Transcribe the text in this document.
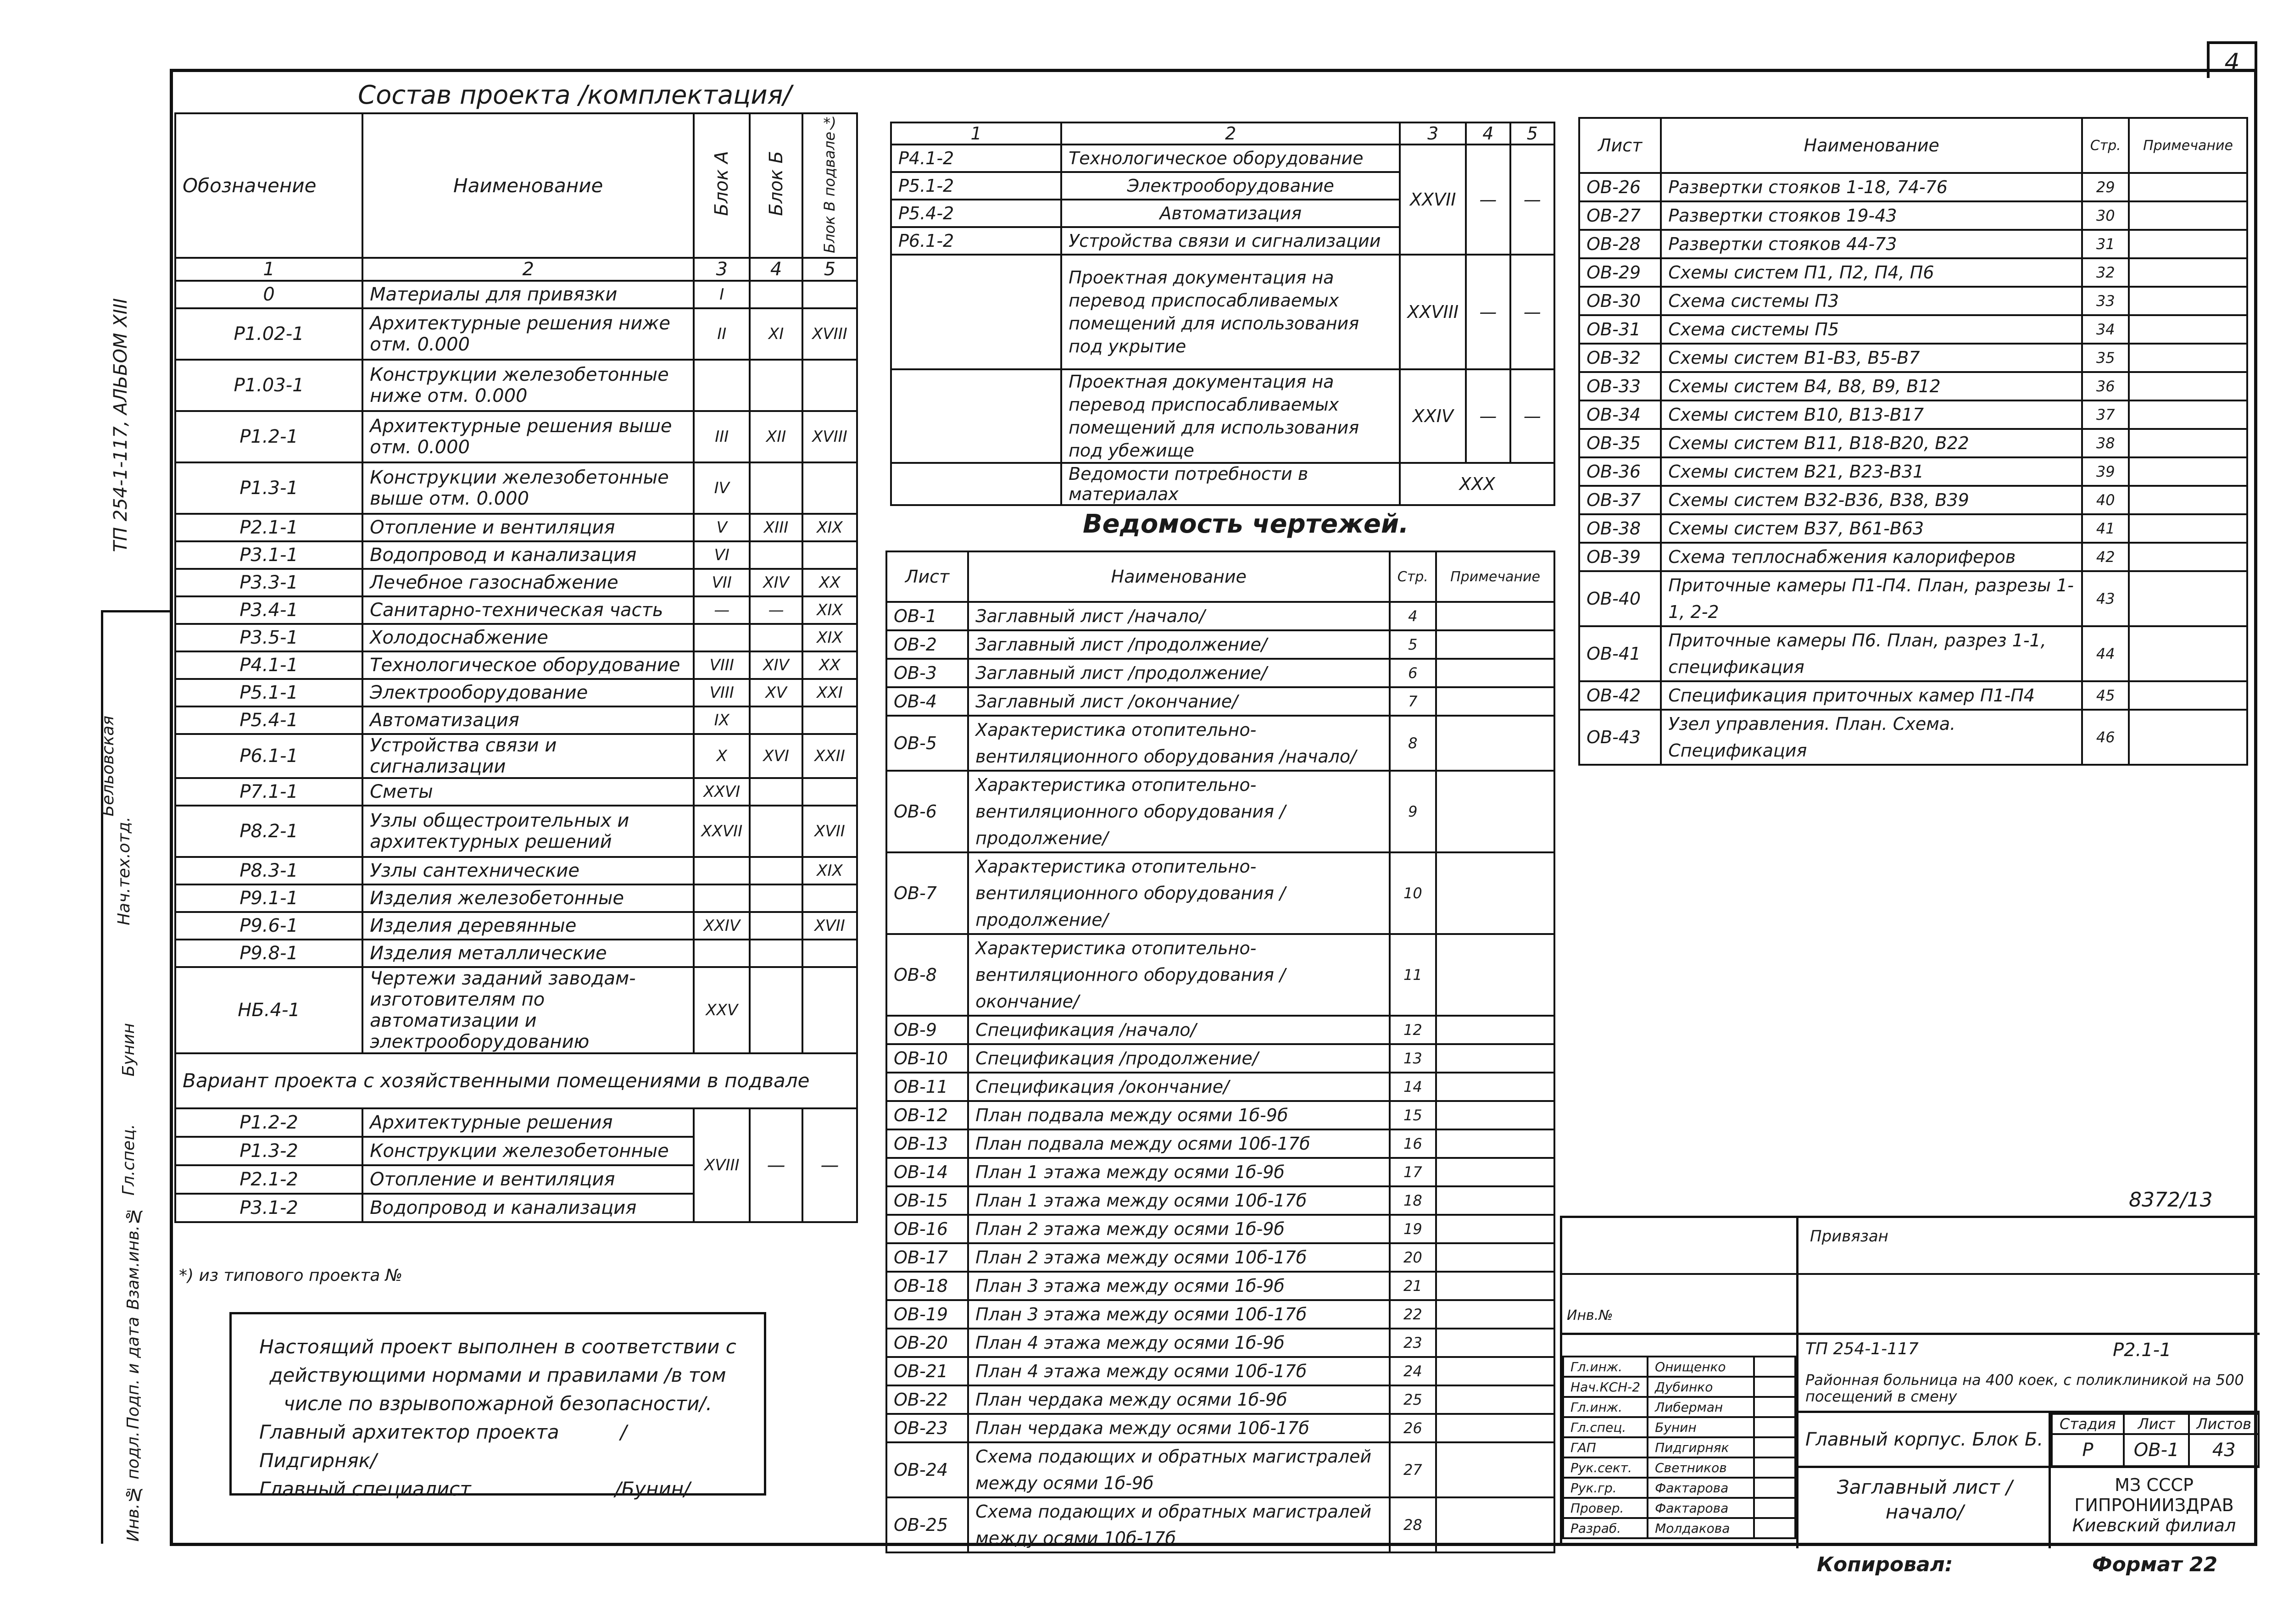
4
ТП 254-1-117, АЛЬБОМ XIII
Нач.тех.отд.
Бельовская
Бунин
Гл.спец.
Взам.инв.№
Подп. и дата
Инв.№ подл.
Состав проекта /комплектация/
Обозначение	Наименование	Блок А	Блок Б	*)
Блок В подвале
1	2	3	4	5
0	Материалы для привязки	I		
Р1.02-1	Архитектурные решения ниже отм. 0.000	II	XI	XVIII
Р1.03-1	Конструкции железобетонные ниже отм. 0.000			
Р1.2-1	Архитектурные решения выше отм. 0.000	III	XII	XVIII
Р1.3-1	Конструкции железобетонные выше отм. 0.000	IV		
Р2.1-1	Отопление и вентиляция	V	XIII	XIX
Р3.1-1	Водопровод и канализация	VI		
Р3.3-1	Лечебное газоснабжение	VII	XIV	XX
Р3.4-1	Санитарно-техническая часть	—	—	XIX
Р3.5-1	Холодоснабжение			XIX
Р4.1-1	Технологическое оборудование	VIII	XIV	XX
Р5.1-1	Электрооборудование	VIII	XV	XXI
Р5.4-1	Автоматизация	IX		
Р6.1-1	Устройства связи и сигнализации	X	XVI	XXII
Р7.1-1	Сметы	XXVI		
Р8.2-1	Узлы общестроительных и архитектурных решений	XXVII		XVII
Р8.3-1	Узлы сантехнические			XIX
Р9.1-1	Изделия железобетонные			
Р9.6-1	Изделия деревянные	XXIV		XVII
Р9.8-1	Изделия металлические			
НБ.4-1	Чертежи заданий заводам-изготовителям по автоматизации и электрооборудованию	XXV		
Вариант проекта с хозяйственными помещениями в подвале				
Р1.2-2	Архитектурные решения	XVIII	—	—
Р1.3-2	Конструкции железобетонные			
Р2.1-2	Отопление и вентиляция			
Р3.1-2	Водопровод и канализация			
*) из типового проекта №
Настоящий проект выполнен в соответствии с действующими нормами и правилами /в том числе по взрывопожарной безопасности/.
Главный архитектор проекта	/Пидгирняк/
Главный специалист	/Бунин/
1	2	3	4	5
Р4.1-2	Технологическое оборудование	XXVII	—	—
Р5.1-2	Электрооборудование			
Р5.4-2	Автоматизация			
Р6.1-2	Устройства связи и сигнализации			
	Проектная документация на перевод приспосабливаемых помещений для использования под укрытие	XXVIII	—	—
	Проектная документация на перевод приспосабливаемых помещений для использования под убежище	XXIV	—	—
	Ведомости потребности в материалах	XXX		
Ведомость чертежей.
Лист	Наименование	Стр.	Примечание
ОВ-1	Заглавный лист /начало/	4	
ОВ-2	Заглавный лист /продолжение/	5	
ОВ-3	Заглавный лист /продолжение/	6	
ОВ-4	Заглавный лист /окончание/	7	
ОВ-5	Характеристика отопительно-вентиляционного оборудования /начало/	8	
ОВ-6	Характеристика отопительно-вентиляционного оборудования /продолжение/	9	
ОВ-7	Характеристика отопительно-вентиляционного оборудования /продолжение/	10	
ОВ-8	Характеристика отопительно-вентиляционного оборудования /окончание/	11	
ОВ-9	Спецификация /начало/	12	
ОВ-10	Спецификация /продолжение/	13	
ОВ-11	Спецификация /окончание/	14	
ОВ-12	План подвала между осями 1б-9б	15	
ОВ-13	План подвала между осями 10б-17б	16	
ОВ-14	План 1 этажа между осями 1б-9б	17	
ОВ-15	План 1 этажа между осями 10б-17б	18	
ОВ-16	План 2 этажа между осями 1б-9б	19	
ОВ-17	План 2 этажа между осями 10б-17б	20	
ОВ-18	План 3 этажа между осями 1б-9б	21	
ОВ-19	План 3 этажа между осями 10б-17б	22	
ОВ-20	План 4 этажа между осями 1б-9б	23	
ОВ-21	План 4 этажа между осями 10б-17б	24	
ОВ-22	План чердака между осями 1б-9б	25	
ОВ-23	План чердака между осями 10б-17б	26	
ОВ-24	Схема подающих и обратных магистралей между осями 1б-9б	27	
ОВ-25	Схема подающих и обратных магистралей между осями 10б-17б	28	
Лист	Наименование	Стр.	Примечание
ОВ-26	Развертки стояков 1-18, 74-76	29	
ОВ-27	Развертки стояков 19-43	30	
ОВ-28	Развертки стояков 44-73	31	
ОВ-29	Схемы систем П1, П2, П4, П6	32	
ОВ-30	Схема системы П3	33	
ОВ-31	Схема системы П5	34	
ОВ-32	Схемы систем В1-В3, В5-В7	35	
ОВ-33	Схемы систем В4, В8, В9, В12	36	
ОВ-34	Схемы систем В10, В13-В17	37	
ОВ-35	Схемы систем В11, В18-В20, В22	38	
ОВ-36	Схемы систем В21, В23-В31	39	
ОВ-37	Схемы систем В32-В36, В38, В39	40	
ОВ-38	Схемы систем В37, В61-В63	41	
ОВ-39	Схема теплоснабжения калориферов	42	
ОВ-40	Приточные камеры П1-П4. План, разрезы 1-1, 2-2	43	
ОВ-41	Приточные камеры П6. План, разрез 1-1, спецификация	44	
ОВ-42	Спецификация приточных камер П1-П4	45	
ОВ-43	Узел управления. План. Схема. Спецификация	46	
8372/13
Привязан
Инв.№
Гл.инж.	Онищенко	
Нач.КСН-2	Дубинко	
Гл.инж.	Либерман	
Гл.спец.	Бунин	
ГАП	Пидгирняк	
Рук.сект.	Светников	
Рук.гр.	Фактарова	
Провер.	Фактарова	
Разраб.	Молдакова	
ТП 254-1-117	Р2.1-1
Районная больница на 400 коек, с поликлиникой на 500 посещений в смену
Главный корпус. Блок Б.
Заглавный лист /начало/
Стадия	Лист	Листов
Р	ОВ-1	43
МЗ СССР
ГИПРОНИИЗДРАВ
Киевский филиал
Копировал:	Формат 22
